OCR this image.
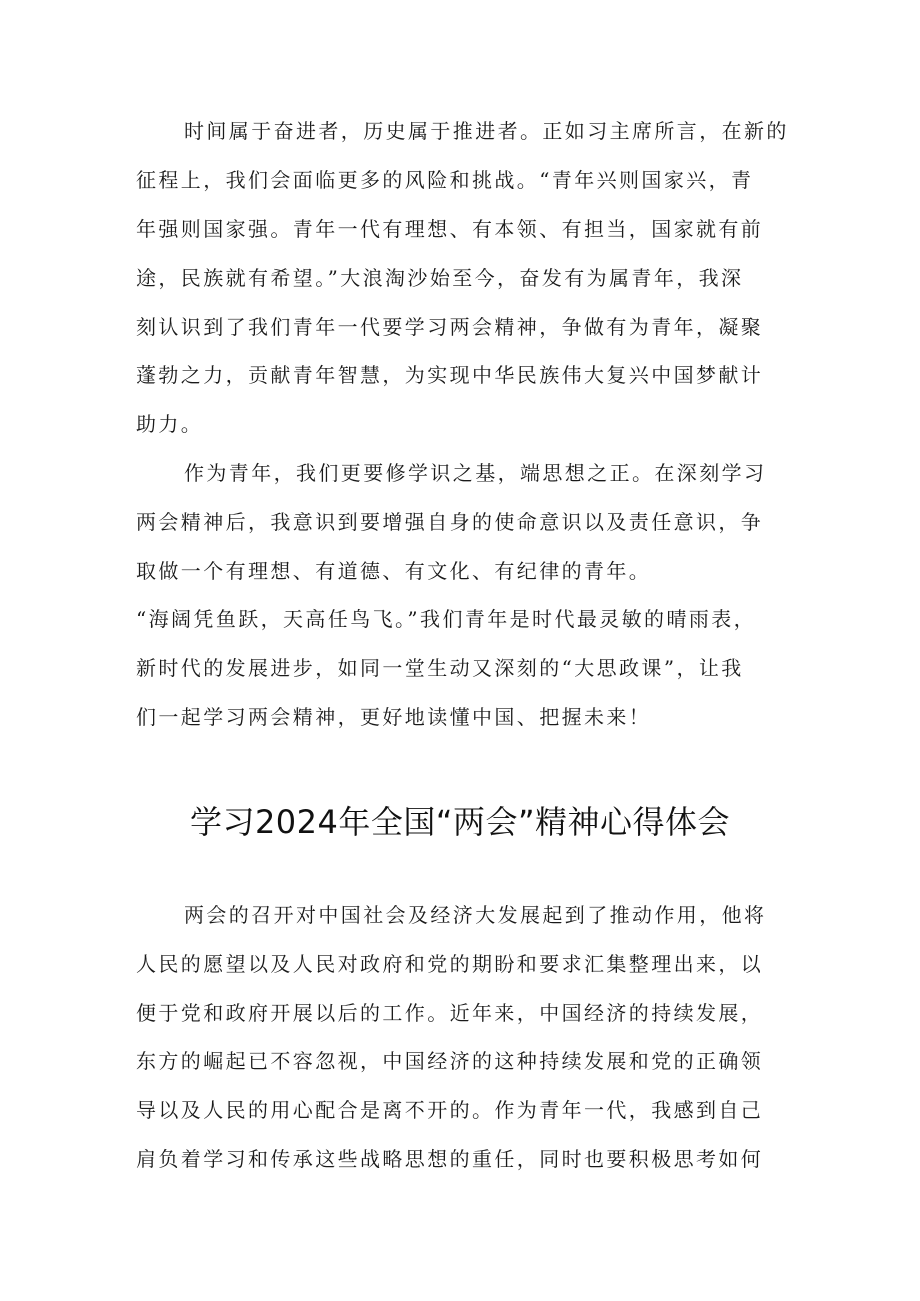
时间属于奋进者，历史属于推进者。正如习主席所言，在新的
征程上，我们会面临更多的风险和挑战。“青年兴则国家兴，青
年强则国家强。青年一代有理想、有本领、有担当，国家就有前
途，民族就有希望。”大浪淘沙始至今，奋发有为属青年，我深
刻认识到了我们青年一代要学习两会精神，争做有为青年，凝聚
蓬勃之力，贡献青年智慧，为实现中华民族伟大复兴中国梦献计
助力。
作为青年，我们更要修学识之基，端思想之正。在深刻学习
两会精神后，我意识到要增强自身的使命意识以及责任意识，争
取做一个有理想、有道德、有文化、有纪律的青年。
“海阔凭鱼跃，天高任鸟飞。”我们青年是时代最灵敏的晴雨表，
新时代的发展进步，如同一堂生动又深刻的“大思政课”，让我
们一起学习两会精神，更好地读懂中国、把握未来！
学习2024年全国“两会”精神心得体会
两会的召开对中国社会及经济大发展起到了推动作用，他将
人民的愿望以及人民对政府和党的期盼和要求汇集整理出来，以
便于党和政府开展以后的工作。近年来，中国经济的持续发展，
东方的崛起已不容忽视，中国经济的这种持续发展和党的正确领
导以及人民的用心配合是离不开的。作为青年一代，我感到自己
肩负着学习和传承这些战略思想的重任，同时也要积极思考如何
